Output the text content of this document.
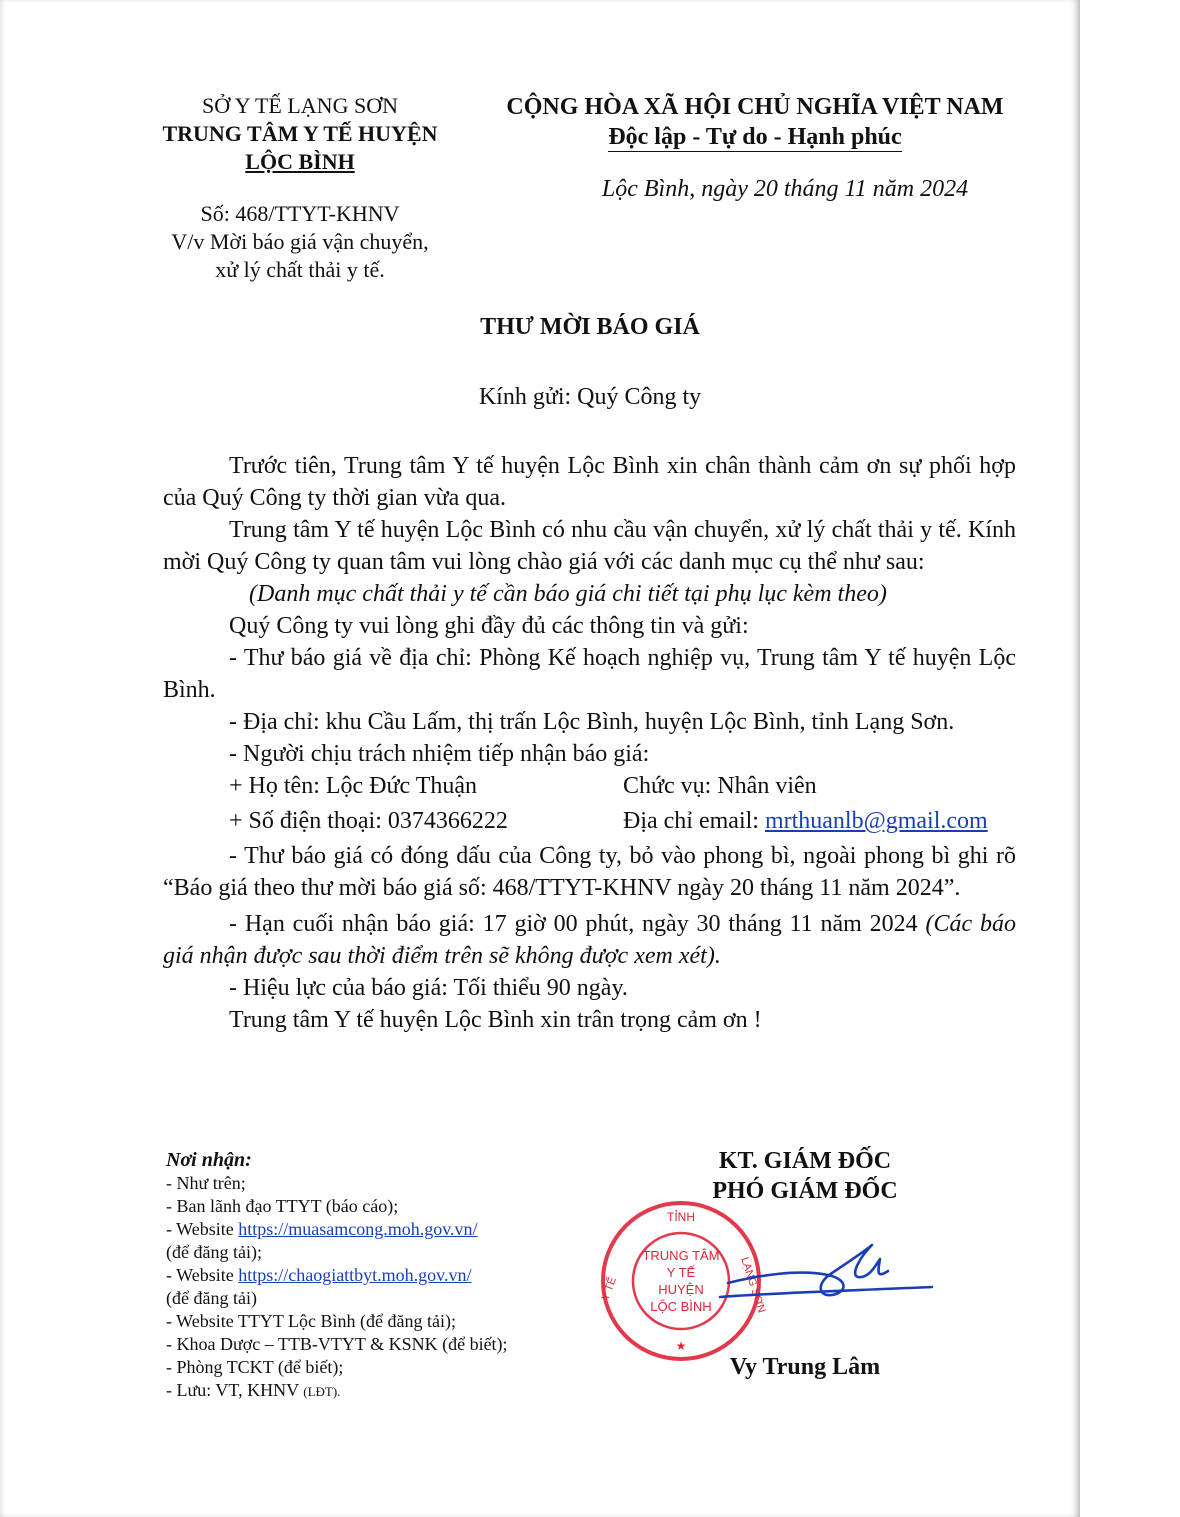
SỞ Y TẾ LẠNG SƠN
TRUNG TÂM Y TẾ HUYỆN
LỘC BÌNH
Số: 468/TTYT-KHNV
V/v Mời báo giá vận chuyển,
xử lý chất thải y tế.
CỘNG HÒA XÃ HỘI CHỦ NGHĨA VIỆT NAM
Độc lập - Tự do - Hạnh phúc
Lộc Bình, ngày 20 tháng 11 năm 2024
THƯ MỜI BÁO GIÁ
Kính gửi: Quý Công ty
Trước tiên, Trung tâm Y tế huyện Lộc Bình xin chân thành cảm ơn sự phối hợp của Quý Công ty thời gian vừa qua.
Trung tâm Y tế huyện Lộc Bình có nhu cầu vận chuyển, xử lý chất thải y tế. Kính mời Quý Công ty quan tâm vui lòng chào giá với các danh mục cụ thể như sau:
(Danh mục chất thải y tế cần báo giá chi tiết tại phụ lục kèm theo)
Quý Công ty vui lòng ghi đầy đủ các thông tin và gửi:
- Thư báo giá về địa chỉ: Phòng Kế hoạch nghiệp vụ, Trung tâm Y tế huyện Lộc Bình.
- Địa chỉ: khu Cầu Lấm, thị trấn Lộc Bình, huyện Lộc Bình, tỉnh Lạng Sơn.
- Người chịu trách nhiệm tiếp nhận báo giá:
+ Họ tên: Lộc Đức Thuận	Chức vụ: Nhân viên
+ Số điện thoại: 0374366222	Địa chỉ email: mrthuanlb@gmail.com
- Thư báo giá có đóng dấu của Công ty, bỏ vào phong bì, ngoài phong bì ghi rõ “Báo giá theo thư mời báo giá số: 468/TTYT-KHNV ngày 20 tháng 11 năm 2024”.
- Hạn cuối nhận báo giá: 17 giờ 00 phút, ngày 30 tháng 11 năm 2024 (Các báo giá nhận được sau thời điểm trên sẽ không được xem xét).
- Hiệu lực của báo giá: Tối thiểu 90 ngày.
Trung tâm Y tế huyện Lộc Bình xin trân trọng cảm ơn !
Nơi nhận:
- Như trên;
- Ban lãnh đạo TTYT (báo cáo);
- Website https://muasamcong.moh.gov.vn/
(để đăng tải);
- Website https://chaogiattbyt.moh.gov.vn/
(để đăng tải)
- Website TTYT Lộc Bình (để đăng tải);
- Khoa Dược – TTB-VTYT & KSNK (để biết);
- Phòng TCKT (để biết);
- Lưu: VT, KHNV (LĐT).
KT. GIÁM ĐỐC
PHÓ GIÁM ĐỐC
TỈNH
Y TẾ	LẠNG SƠN
TRUNG TÂM
Y TẾ
HUYỆN
LỘC BÌNH
★
Vy Trung Lâm
